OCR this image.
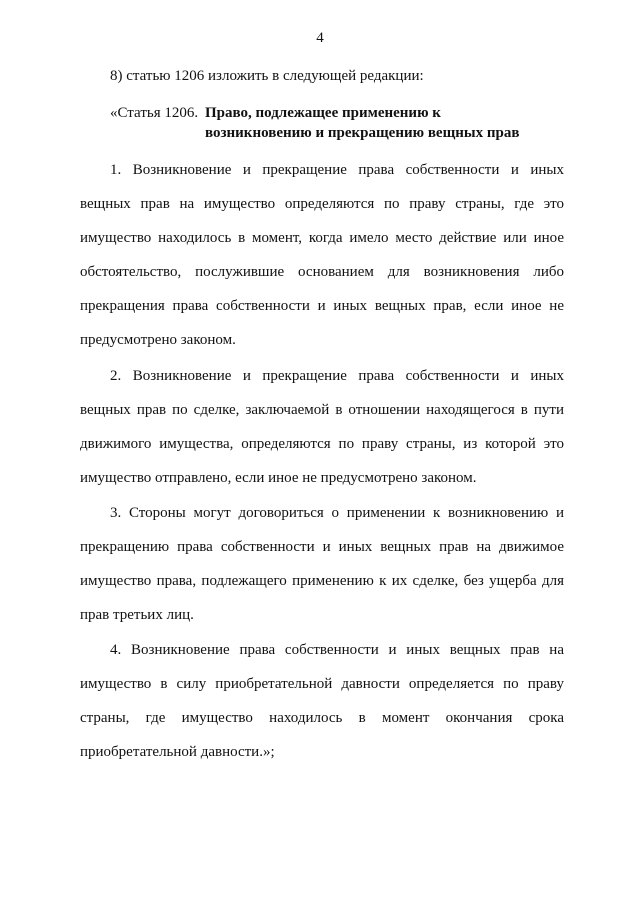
4
8) статью 1206 изложить в следующей редакции:
«Статья 1206. Право, подлежащее применению к
возникновению и прекращению вещных прав

1. Возникновение и прекращение права собственности и иных вещных прав на имущество определяются по праву страны, где это имущество находилось в момент, когда имело место действие или иное обстоятельство, послужившие основанием для возникновения либо прекращения права собственности и иных вещных прав, если иное не предусмотрено законом.

2. Возникновение и прекращение права собственности и иных вещных прав по сделке, заключаемой в отношении находящегося в пути движимого имущества, определяются по праву страны, из которой это имущество отправлено, если иное не предусмотрено законом.

3. Стороны могут договориться о применении к возникновению и прекращению права собственности и иных вещных прав на движимое имущество права, подлежащего применению к их сделке, без ущерба для прав третьих лиц.

4. Возникновение права собственности и иных вещных прав на имущество в силу приобретательной давности определяется по праву страны, где имущество находилось в момент окончания срока приобретательной давности.»;
